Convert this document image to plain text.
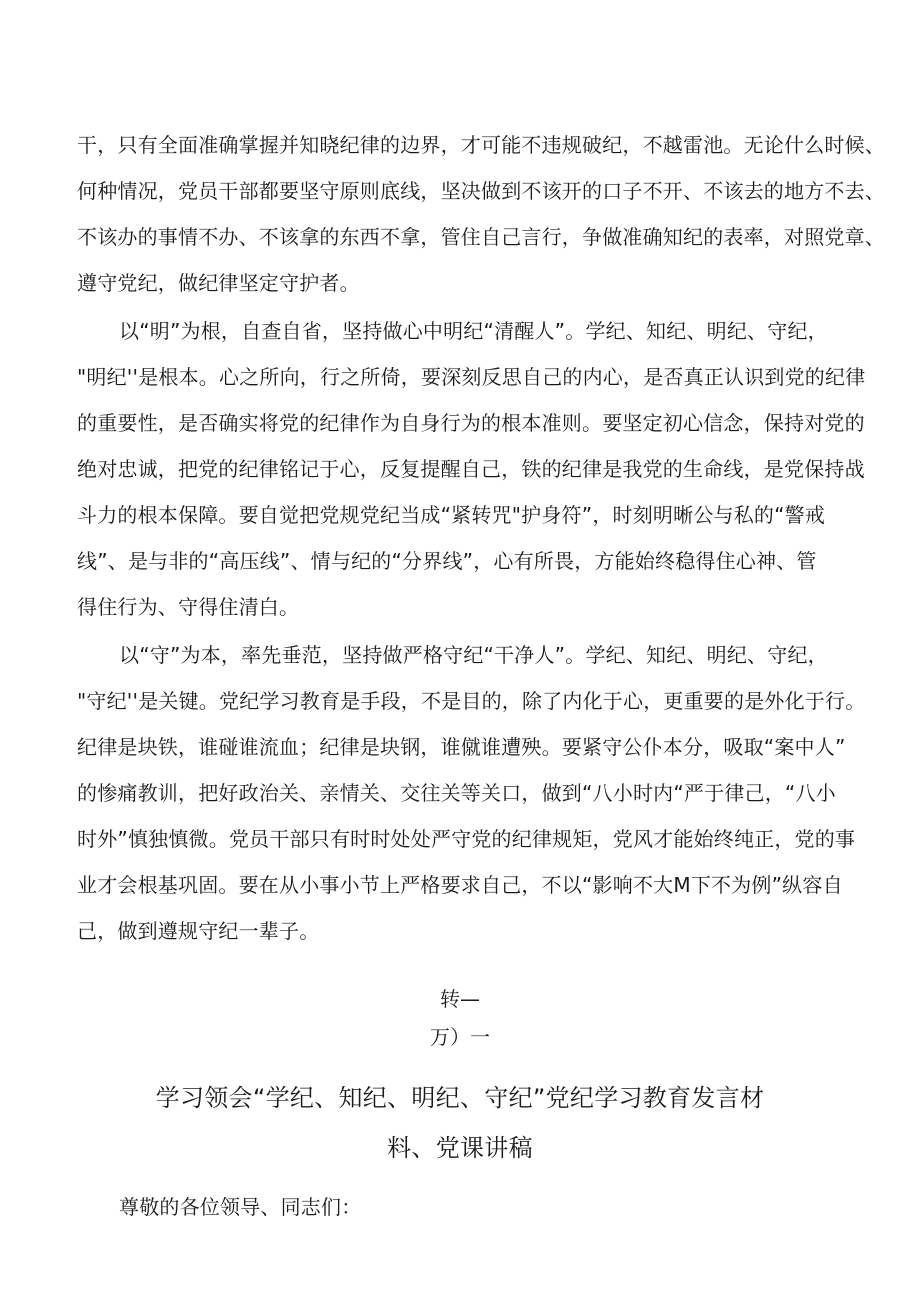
干，只有全面准确掌握并知晓纪律的边界，才可能不违规破纪，不越雷池。无论什么时候、
何种情况，党员干部都要坚守原则底线，坚决做到不该开的口子不开、不该去的地方不去、
不该办的事情不办、不该拿的东西不拿，管住自己言行，争做准确知纪的表率，对照党章、
遵守党纪，做纪律坚定守护者。
以“明”为根，自查自省，坚持做心中明纪“清醒人”。学纪、知纪、明纪、守纪，
"明纪''是根本。心之所向，行之所倚，要深刻反思自己的内心，是否真正认识到党的纪律
的重要性，是否确实将党的纪律作为自身行为的根本准则。要坚定初心信念，保持对党的
绝对忠诚，把党的纪律铭记于心，反复提醒自己，铁的纪律是我党的生命线，是党保持战
斗力的根本保障。要自觉把党规党纪当成“紧转咒"护身符”，时刻明晰公与私的“警戒
线”、是与非的“高压线”、情与纪的“分界线”，心有所畏，方能始终稳得住心神、管
得住行为、守得住清白。
以“守”为本，率先垂范，坚持做严格守纪“干净人”。学纪、知纪、明纪、守纪，
"守纪''是关键。党纪学习教育是手段，不是目的，除了内化于心，更重要的是外化于行。
纪律是块铁，谁碰谁流血；纪律是块钢，谁僦谁遭殃。要紧守公仆本分，吸取“案中人”
的惨痛教训，把好政治关、亲情关、交往关等关口，做到“八小时内“严于律己，“八小
时外”慎独慎微。党员干部只有时时处处严守党的纪律规矩，党风才能始终纯正，党的事
业才会根基巩固。要在从小事小节上严格要求自己，不以“影响不大M下不为例”纵容自
己，做到遵规守纪一辈子。
转—
万）一
学习领会“学纪、知纪、明纪、守纪”党纪学习教育发言材
料、党课讲稿
尊敬的各位领导、同志们：
